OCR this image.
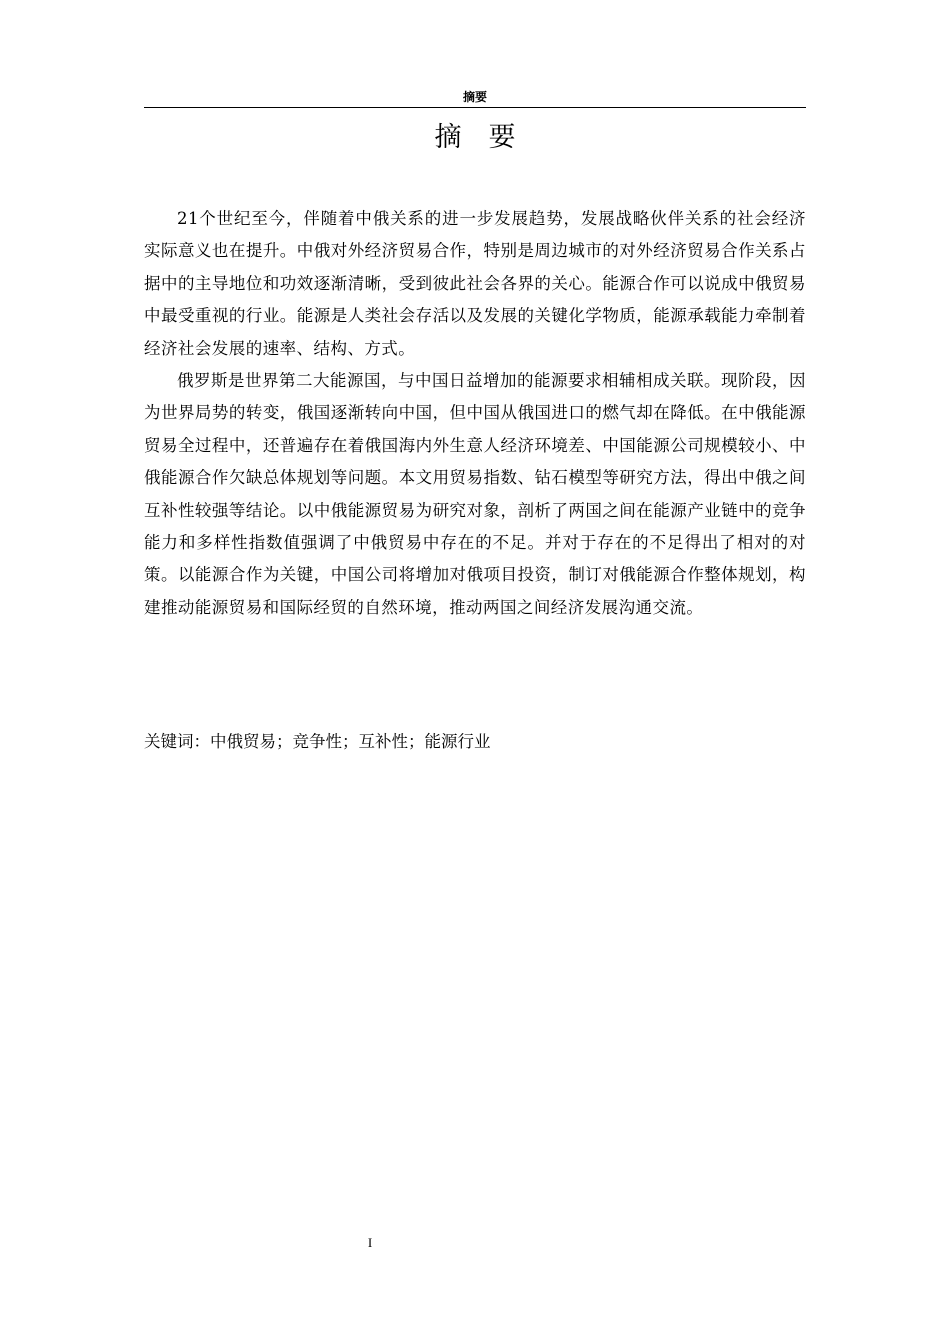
摘要
摘要

21个世纪至今，伴随着中俄关系的进一步发展趋势，发展战略伙伴关系的社会经济实际意义也在提升。中俄对外经济贸易合作，特别是周边城市的对外经济贸易合作关系占据中的主导地位和功效逐渐清晰，受到彼此社会各界的关心。能源合作可以说成中俄贸易中最受重视的行业。能源是人类社会存活以及发展的关键化学物质，能源承载能力牵制着经济社会发展的速率、结构、方式。

俄罗斯是世界第二大能源国，与中国日益增加的能源要求相辅相成关联。现阶段，因为世界局势的转变，俄国逐渐转向中国，但中国从俄国进口的燃气却在降低。在中俄能源贸易全过程中，还普遍存在着俄国海内外生意人经济环境差、中国能源公司规模较小、中俄能源合作欠缺总体规划等问题。本文用贸易指数、钻石模型等研究方法，得出中俄之间互补性较强等结论。以中俄能源贸易为研究对象，剖析了两国之间在能源产业链中的竞争能力和多样性指数值强调了中俄贸易中存在的不足。并对于存在的不足得出了相对的对策。以能源合作为关键，中国公司将增加对俄项目投资，制订对俄能源合作整体规划，构建推动能源贸易和国际经贸的自然环境，推动两国之间经济发展沟通交流。

关键词：中俄贸易；竞争性；互补性；能源行业
I
